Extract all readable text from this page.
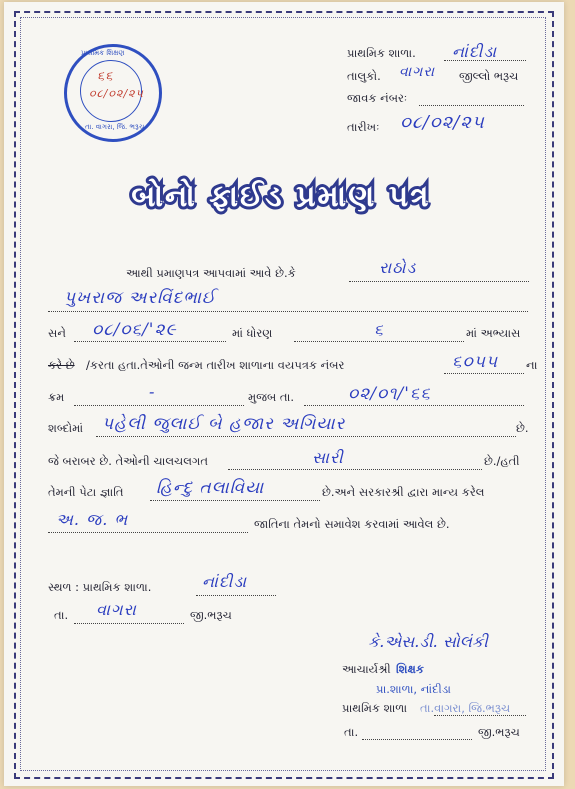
પ્રાથમિક શિક્ષણ
૬૬
૦૮/૦૨/૨૫
તા. વાગરા, જિ. ભરૂચ
પ્રાથમિક શાળા. નાંદીડા
તાલુકો. વાગરા જીલ્લો ભરૂચ
જાવક નંબરઃ
તારીખઃ ૦૮/૦૨/૨૫
બોનો ફાઈડ પ્રમાણ પત્ર
આથી પ્રમાણપત્ર આપવામાં આવે છે.કે	રાઠોડ
પુખરાજ અરવિંદભાઈ
સને ૦૮/૦૬/'૨૯	માં ધોરણ	૬	માં અભ્યાસ
કરે છે /કરતા હતા.તેઓની જન્મ તારીખ શાળાના વયપત્રક નંબર	૬૦૫૫ ના
ક્રમ	-	મુજબ તા.	૦૨/૦૧/'૬૬
શબ્દોમાં પહેલી જુલાઈ બે હજાર અગિયાર	છે.
જે બરાબર છે. તેઓની ચાલચલગત	સારી	છે./હતી
તેમની પેટા જ્ઞાતિ હિન્દુ તલાવિયા	છે.અને સરકારશ્રી દ્વારા માન્ય કરેલ
અ. જ. ભ	જાતિના તેમનો સમાવેશ કરવામાં આવેલ છે.
સ્થળ : પ્રાથમિક શાળા.	નાંદીડા
તા. વાગરા	જી.ભરૂચ
કે.એસ.ડી. સોલંકી
આચાર્યશ્રી શિક્ષક
પ્રા.શાળા, નાંદીડા
પ્રાથમિક શાળા તા.વાગરા, જિ.ભરૂચ
તા.	જી.ભરૂચ
